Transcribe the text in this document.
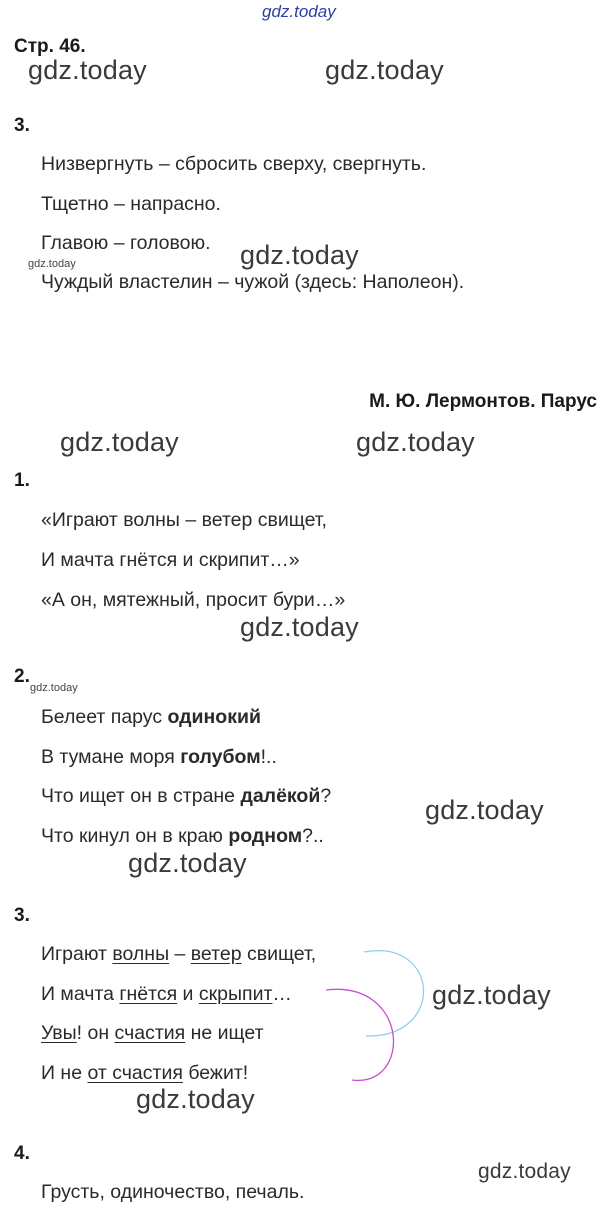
gdz.today
gdz.today	gdz.today
gdz.today	gdz.today
gdz.today	gdz.today
gdz.today
gdz.today
gdz.today
gdz.today
gdz.today
gdz.today
gdz.today
Стр. 46.
3.
Низвергнуть – сбросить сверху, свергнуть.
Тщетно – напрасно.
Главою – головою.
Чуждый властелин – чужой (здесь: Наполеон).
М. Ю. Лермонтов. Парус
1.
«Играют волны – ветер свищет,
И мачта гнётся и скрипит…»
«А он, мятежный, просит бури…»
2.
Белеет парус одинокий
В тумане моря голубом!..
Что ищет он в стране далёкой?
Что кинул он в краю родном?..
3.
Играют волны – ветер свищет,
И мачта гнётся и скрыпит…
Увы! он счастия не ищет
И не от счастия бежит!
4.
Грусть, одиночество, печаль.
